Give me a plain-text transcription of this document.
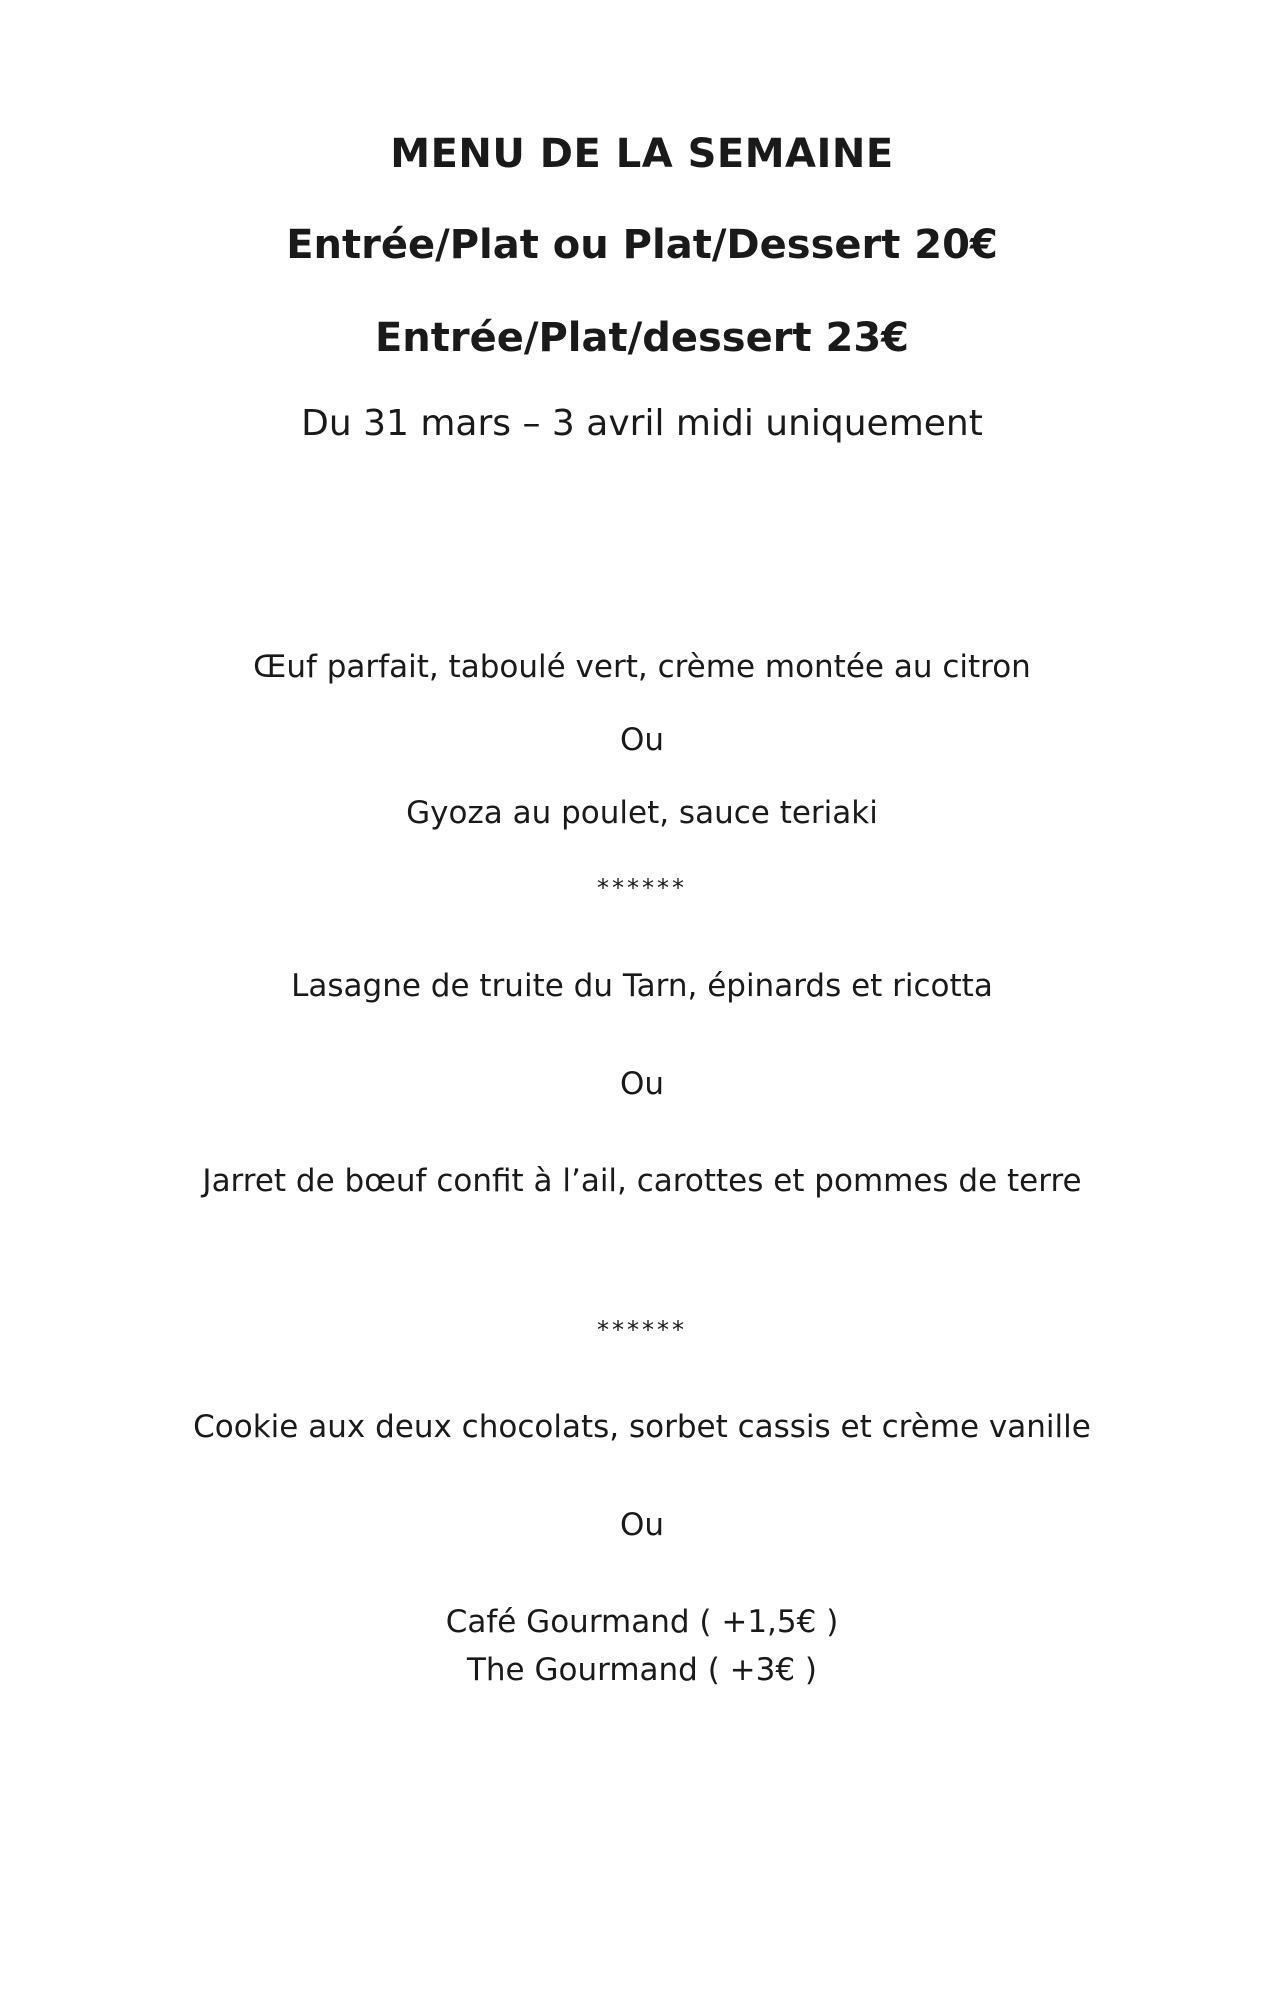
MENU DE LA SEMAINE
Entrée/Plat ou Plat/Dessert 20€
Entrée/Plat/dessert 23€
Du 31 mars – 3 avril midi uniquement
Œuf parfait, taboulé vert, crème montée au citron
Ou
Gyoza au poulet, sauce teriaki
******
Lasagne de truite du Tarn, épinards et ricotta
Ou
Jarret de bœuf confit à l’ail, carottes et pommes de terre
******
Cookie aux deux chocolats, sorbet cassis et crème vanille
Ou
Café Gourmand ( +1,5€ )
The Gourmand ( +3€ )
